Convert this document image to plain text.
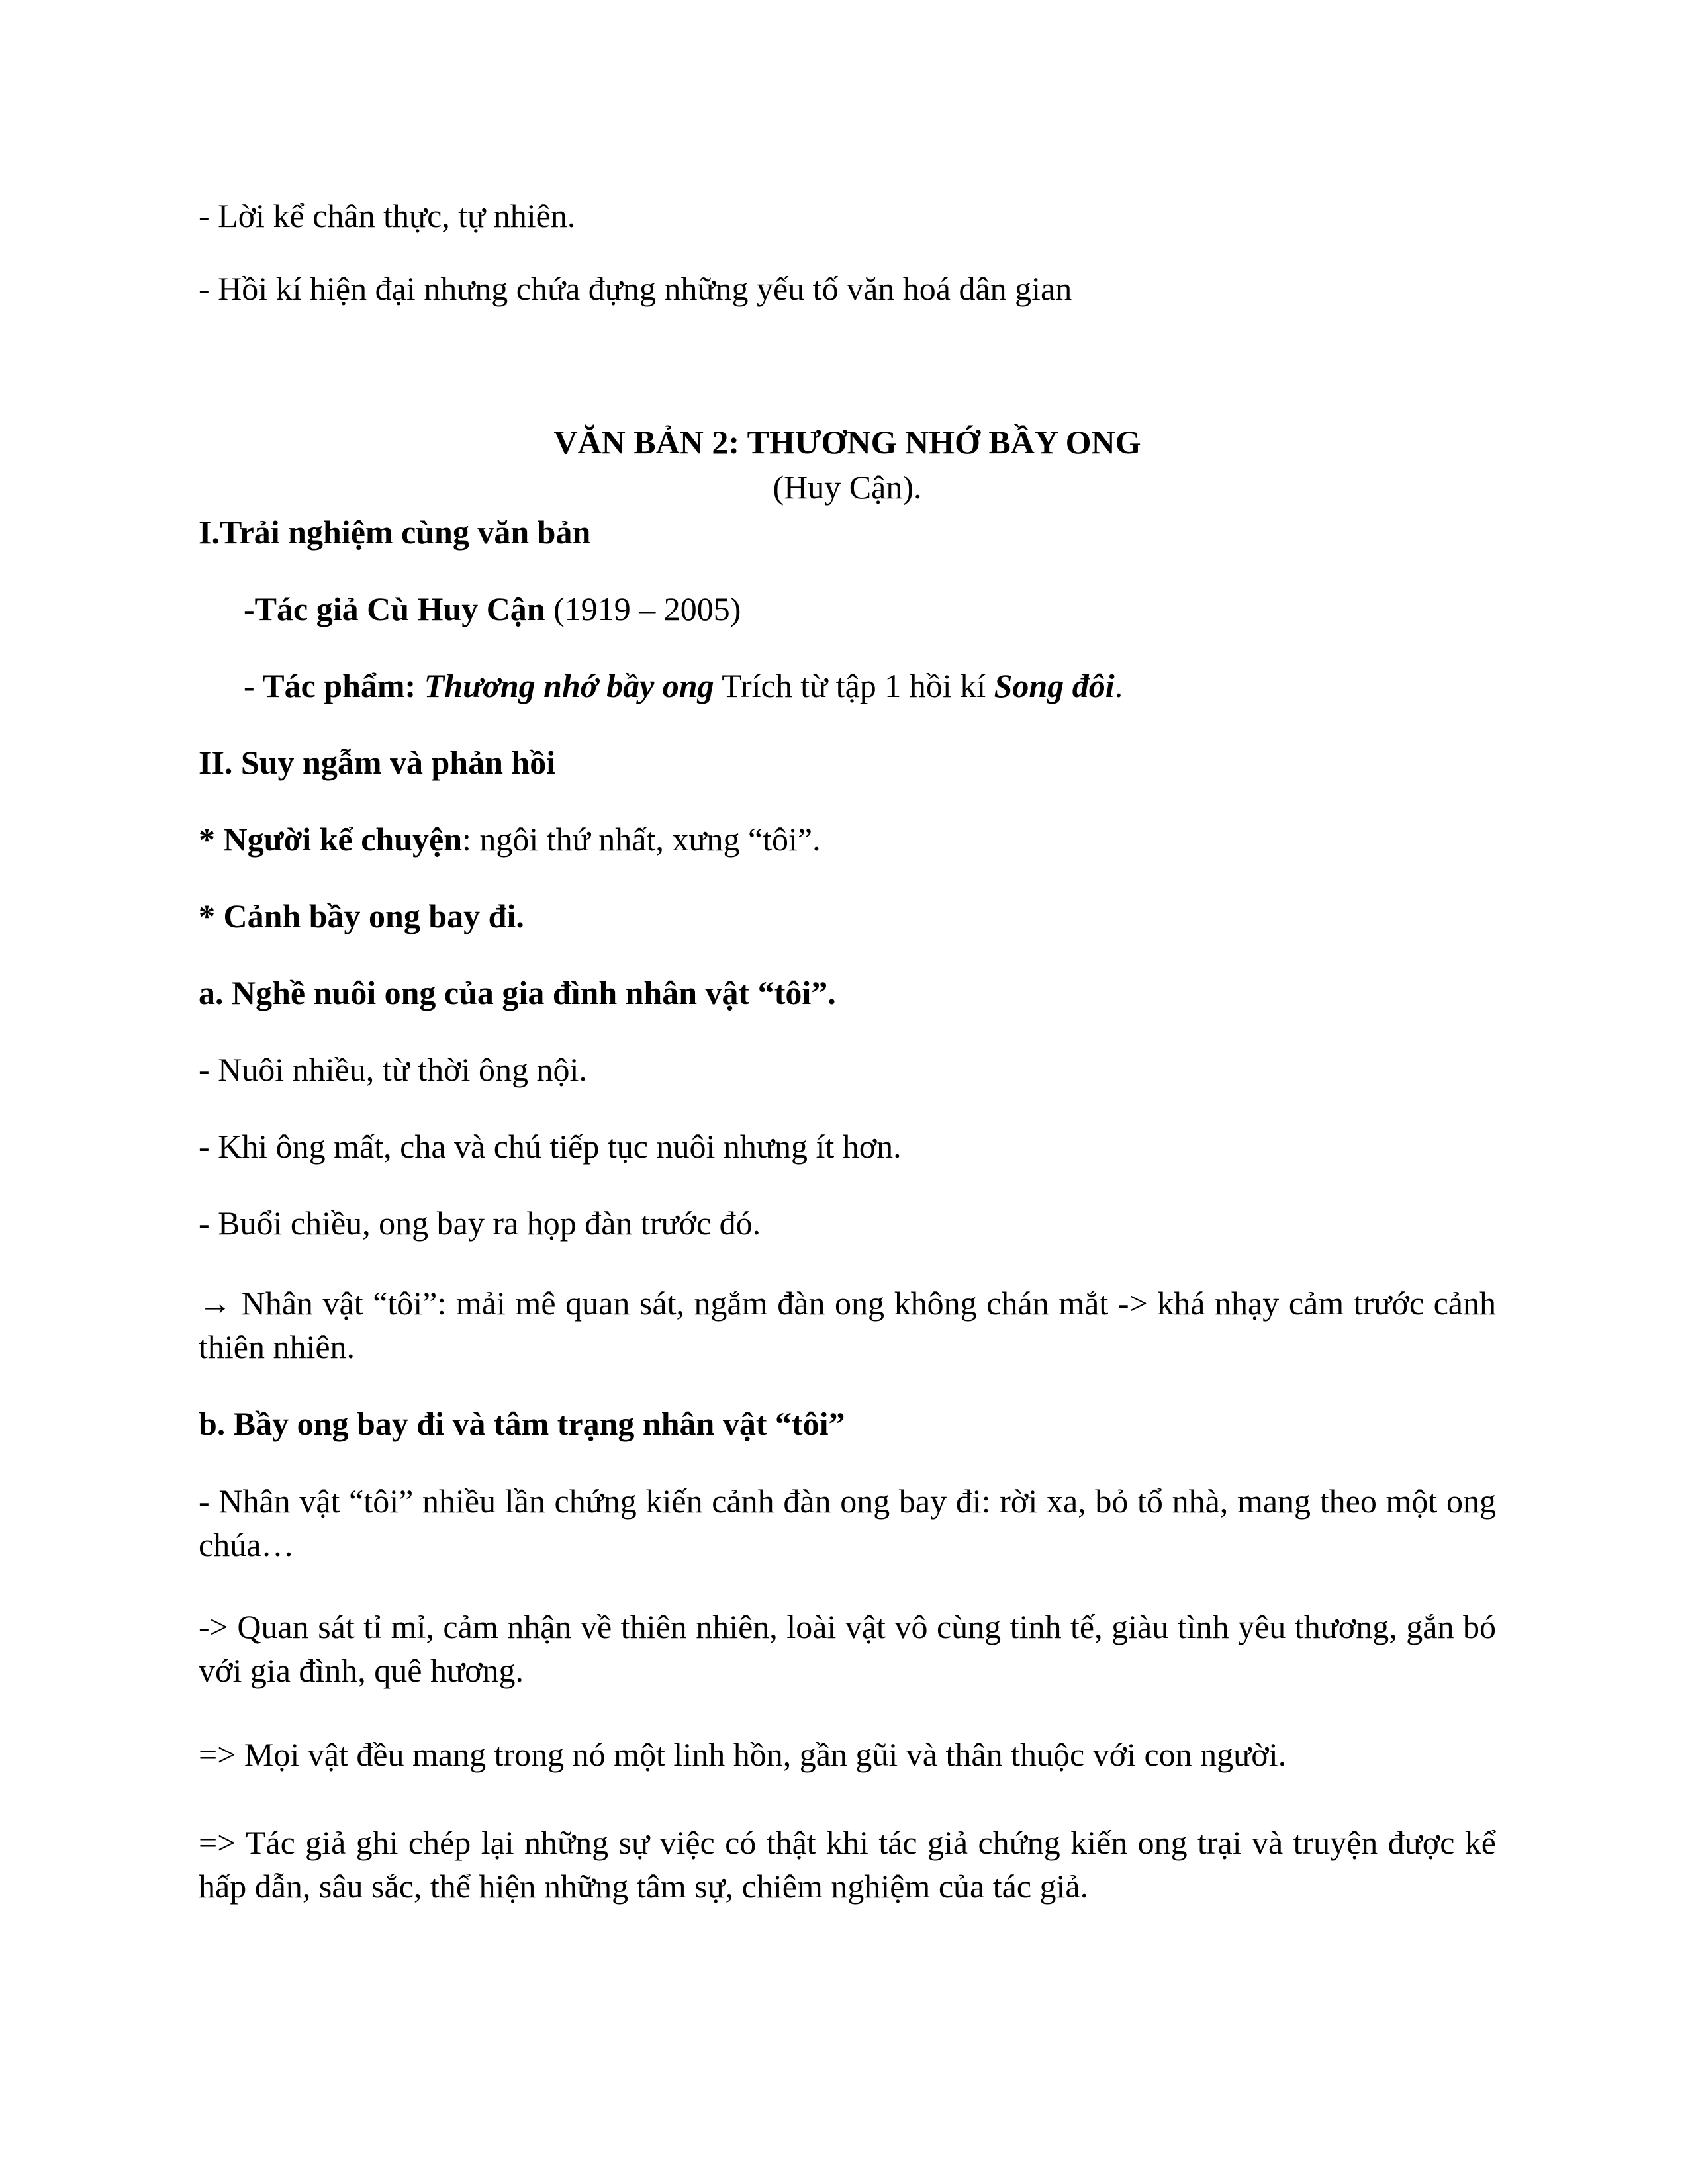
- Lời kể chân thực, tự nhiên.
- Hồi kí hiện đại nhưng chứa đựng những yếu tố văn hoá dân gian
VĂN BẢN 2: THƯƠNG NHỚ BẦY ONG
(Huy Cận).
I.Trải nghiệm cùng văn bản
-Tác giả Cù Huy Cận (1919 – 2005)
- Tác phẩm: Thương nhớ bầy ong Trích từ tập 1 hồi kí Song đôi.
II. Suy ngẫm và phản hồi
* Người kể chuyện: ngôi thứ nhất, xưng “tôi”.
* Cảnh bầy ong bay đi.
a. Nghề nuôi ong của gia đình nhân vật “tôi”.
- Nuôi nhiều, từ thời ông nội.
- Khi ông mất, cha và chú tiếp tục nuôi nhưng ít hơn.
- Buổi chiều, ong bay ra họp đàn trước đó.
→ Nhân vật “tôi”: mải mê quan sát, ngắm đàn ong không chán mắt -> khá nhạy cảm trước cảnh thiên nhiên.
b. Bầy ong bay đi và tâm trạng nhân vật “tôi”
- Nhân vật “tôi” nhiều lần chứng kiến cảnh đàn ong bay đi: rời xa, bỏ tổ nhà, mang theo một ong chúa…
-> Quan sát tỉ mỉ, cảm nhận về thiên nhiên, loài vật vô cùng tinh tế, giàu tình yêu thương, gắn bó với gia đình, quê hương.
=> Mọi vật đều mang trong nó một linh hồn, gần gũi và thân thuộc với con người.
=> Tác giả ghi chép lại những sự việc có thật khi tác giả chứng kiến ong trại và truyện được kể hấp dẫn, sâu sắc, thể hiện những tâm sự, chiêm nghiệm của tác giả.
